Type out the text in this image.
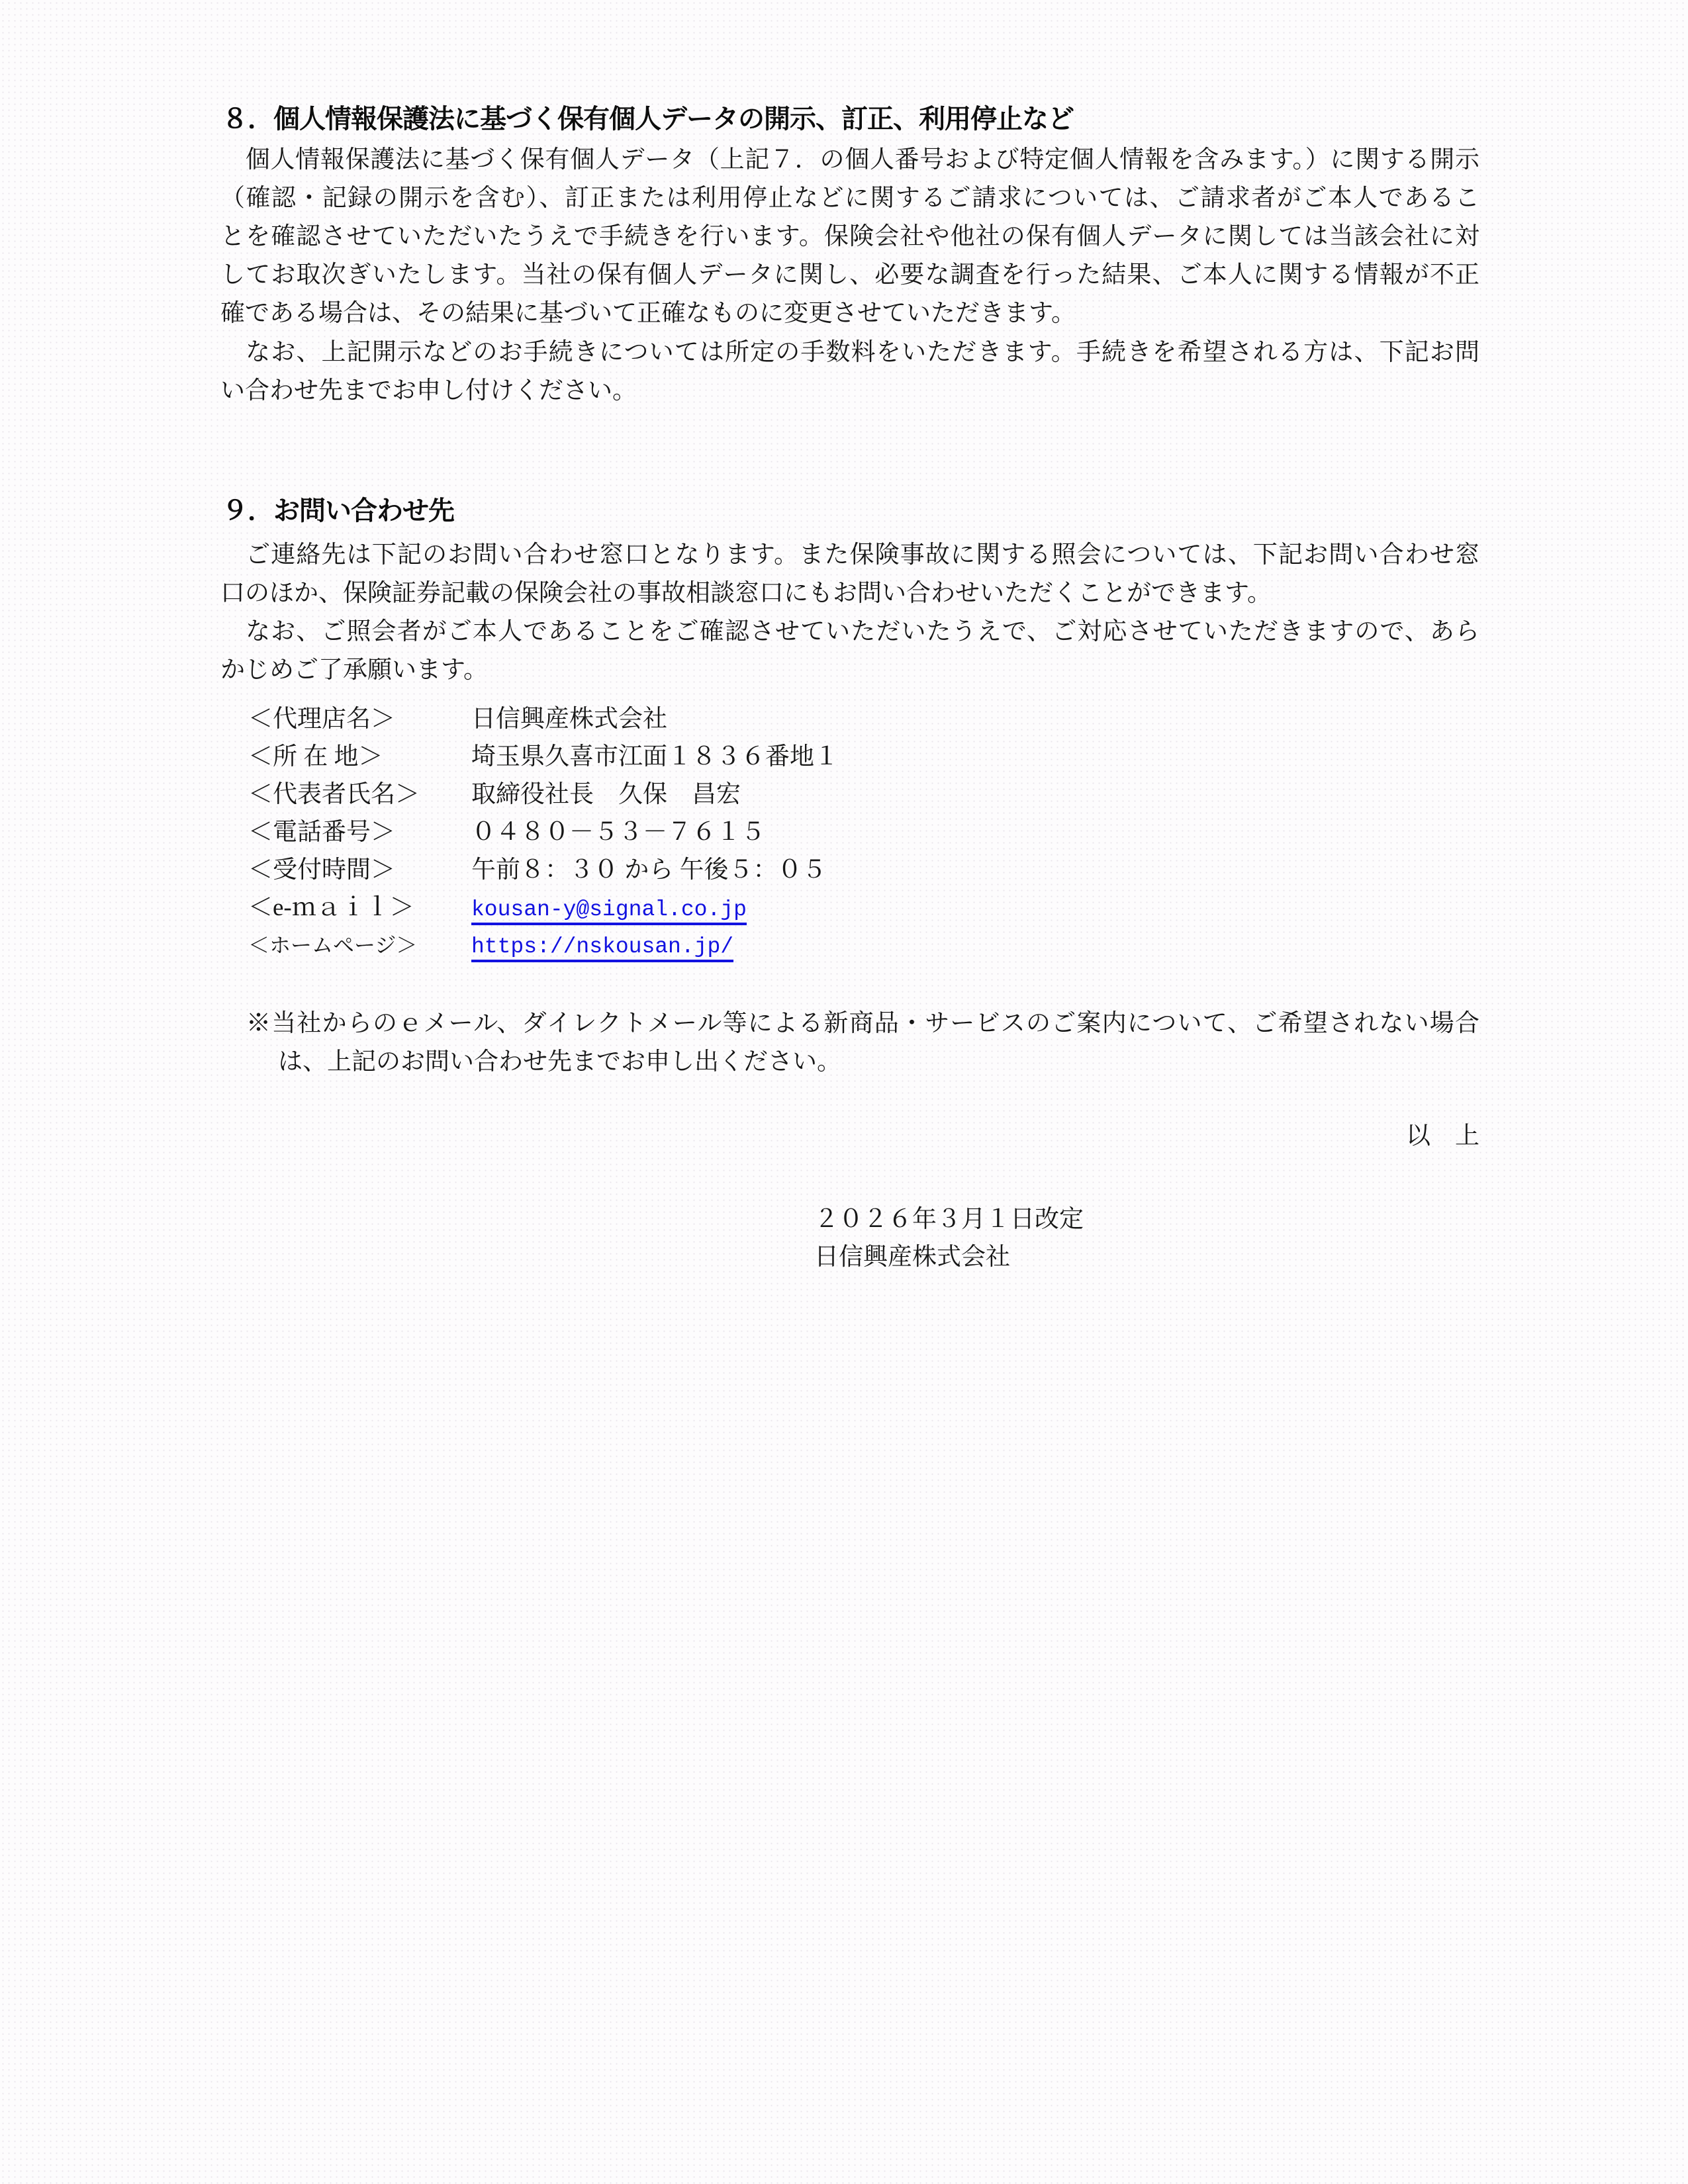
８．個人情報保護法に基づく保有個人データの開示、訂正、利用停止など
　個人情報保護法に基づく保有個人データ（上記７．の個人番号および特定個人情報を含みます。）に関する開示
（確認・記録の開示を含む）、訂正または利用停止などに関するご請求については、ご請求者がご本人であるこ
とを確認させていただいたうえで手続きを行います。保険会社や他社の保有個人データに関しては当該会社に対
してお取次ぎいたします。当社の保有個人データに関し、必要な調査を行った結果、ご本人に関する情報が不正
確である場合は、その結果に基づいて正確なものに変更させていただきます。
　なお、上記開示などのお手続きについては所定の手数料をいただきます。手続きを希望される方は、下記お問
い合わせ先までお申し付けください。
９．お問い合わせ先
　ご連絡先は下記のお問い合わせ窓口となります。また保険事故に関する照会については、下記お問い合わせ窓
口のほか、保険証券記載の保険会社の事故相談窓口にもお問い合わせいただくことができます。
　なお、ご照会者がご本人であることをご確認させていただいたうえで、ご対応させていただきますので、あら
かじめご了承願います。
＜代理店名＞	日信興産株式会社
＜所 在 地＞	埼玉県久喜市江面１８３６番地１
＜代表者氏名＞ 取締役社長　久保　昌宏
＜電話番号＞	０４８０－５３－７６１５
＜受付時間＞	午前８：３０ から 午後５：０５
＜e-ｍａｉｌ＞	kousan-y@signal.co.jp
＜ホームページ＞ https://nskousan.jp/
※当社からのｅメール、ダイレクトメール等による新商品・サービスのご案内について、ご希望されない場合
は、上記のお問い合わせ先までお申し出ください。
以　上
２０２６年３月１日改定
日信興産株式会社
